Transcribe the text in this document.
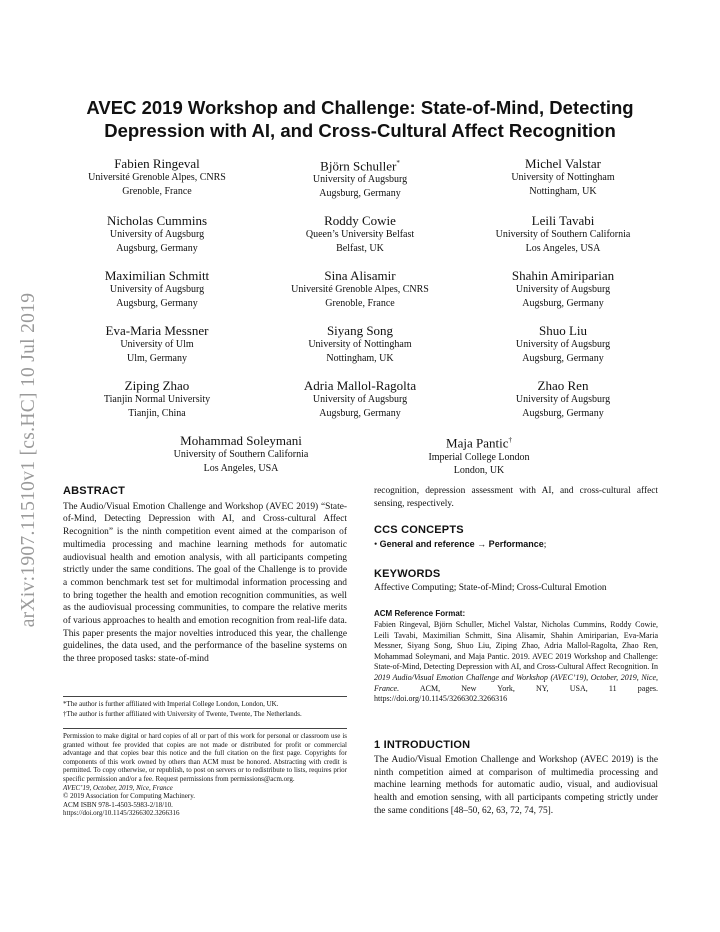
arXiv:1907.11510v1 [cs.HC] 10 Jul 2019
AVEC 2019 Workshop and Challenge: State-of-Mind, Detecting
Depression with AI, and Cross-Cultural Affect Recognition
Fabien Ringeval
Université Grenoble Alpes, CNRS
Grenoble, France
Björn Schuller*
University of Augsburg
Augsburg, Germany
Michel Valstar
University of Nottingham
Nottingham, UK
Nicholas Cummins
University of Augsburg
Augsburg, Germany
Roddy Cowie
Queen’s University Belfast
Belfast, UK
Leili Tavabi
University of Southern California
Los Angeles, USA
Maximilian Schmitt
University of Augsburg
Augsburg, Germany
Sina Alisamir
Université Grenoble Alpes, CNRS
Grenoble, France
Shahin Amiriparian
University of Augsburg
Augsburg, Germany
Eva-Maria Messner
University of Ulm
Ulm, Germany
Siyang Song
University of Nottingham
Nottingham, UK
Shuo Liu
University of Augsburg
Augsburg, Germany
Ziping Zhao
Tianjin Normal University
Tianjin, China
Adria Mallol-Ragolta
University of Augsburg
Augsburg, Germany
Zhao Ren
University of Augsburg
Augsburg, Germany
Mohammad Soleymani
University of Southern California
Los Angeles, USA
Maja Pantic†
Imperial College London
London, UK
ABSTRACT

The Audio/Visual Emotion Challenge and Workshop (AVEC 2019) “State-of-Mind, Detecting Depression with AI, and Cross-cultural Affect Recognition” is the ninth competition event aimed at the comparison of multimedia processing and machine learning methods for automatic audiovisual health and emotion analysis, with all participants competing strictly under the same conditions. The goal of the Challenge is to provide a common benchmark test set for multimodal information processing and to bring together the health and emotion recognition communities, as well as the audiovisual processing communities, to compare the relative merits of various approaches to health and emotion recognition from real-life data. This paper presents the major novelties introduced this year, the challenge guidelines, the data used, and the performance of the baseline systems on the three proposed tasks: state-of-mind

*The author is further affiliated with Imperial College London, London, UK.

†The author is further affiliated with University of Twente, Twente, The Netherlands.

Permission to make digital or hard copies of all or part of this work for personal or classroom use is granted without fee provided that copies are not made or distributed for profit or commercial advantage and that copies bear this notice and the full citation on the first page. Copyrights for components of this work owned by others than ACM must be honored. Abstracting with credit is permitted. To copy otherwise, or republish, to post on servers or to redistribute to lists, requires prior specific permission and/or a fee. Request permissions from permissions@acm.org.

AVEC’19, October, 2019, Nice, France

© 2019 Association for Computing Machinery.

ACM ISBN 978-1-4503-5983-2/18/10.

https://doi.org/10.1145/3266302.3266316

recognition, depression assessment with AI, and cross-cultural affect sensing, respectively.

CCS CONCEPTS

• General and reference → Performance;

KEYWORDS

Affective Computing; State-of-Mind; Cross-Cultural Emotion

ACM Reference Format:

Fabien Ringeval, Björn Schuller, Michel Valstar, Nicholas Cummins, Roddy Cowie, Leili Tavabi, Maximilian Schmitt, Sina Alisamir, Shahin Amiriparian, Eva-Maria Messner, Siyang Song, Shuo Liu, Ziping Zhao, Adria Mallol-Ragolta, Zhao Ren, Mohammad Soleymani, and Maja Pantic. 2019. AVEC 2019 Workshop and Challenge: State-of-Mind, Detecting Depression with AI, and Cross-Cultural Affect Recognition. In 2019 Audio/Visual Emotion Challenge and Workshop (AVEC’19), October, 2019, Nice, France. ACM, New York, NY, USA, 11 pages. https://doi.org/10.1145/3266302.3266316

1 INTRODUCTION

The Audio/Visual Emotion Challenge and Workshop (AVEC 2019) is the ninth competition aimed at comparison of multimedia processing and machine learning methods for automatic audio, visual, and audiovisual health and emotion sensing, with all participants competing strictly under the same conditions [48–50, 62, 63, 72, 74, 75].
